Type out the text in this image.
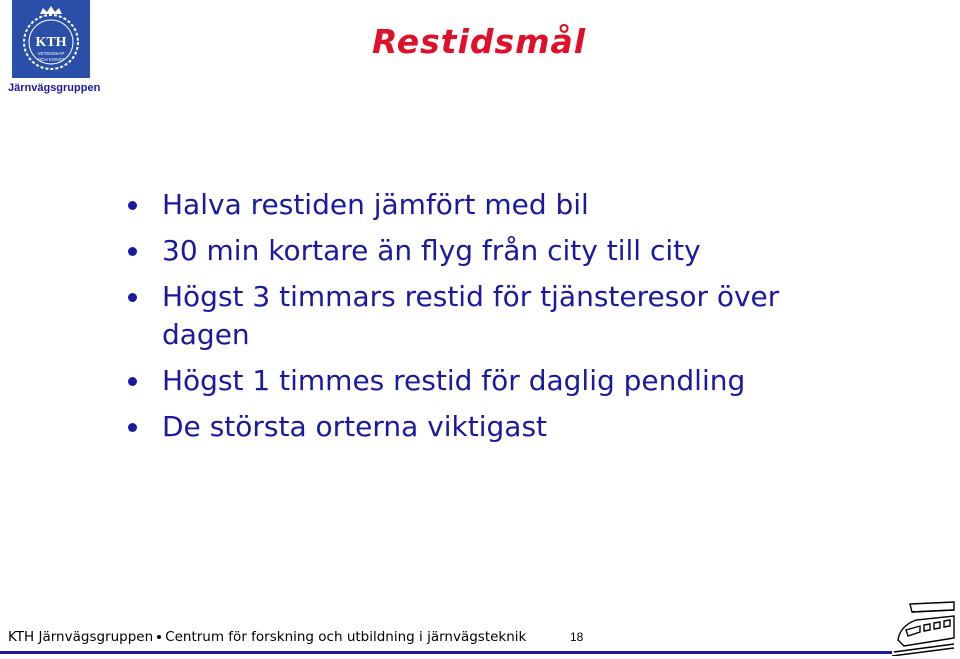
KTH
VETENSKAP
OCH KONST
Järnvägsgruppen
Restidsmål
Halva restiden jämfört med bil
30 min kortare än flyg från city till city
Högst 3 timmars restid för tjänsteresor över dagen
Högst 1 timmes restid för daglig pendling
De största orterna viktigast
KTH Järnvägsgruppen Centrum för forskning och utbildning i järnvägsteknik	18
